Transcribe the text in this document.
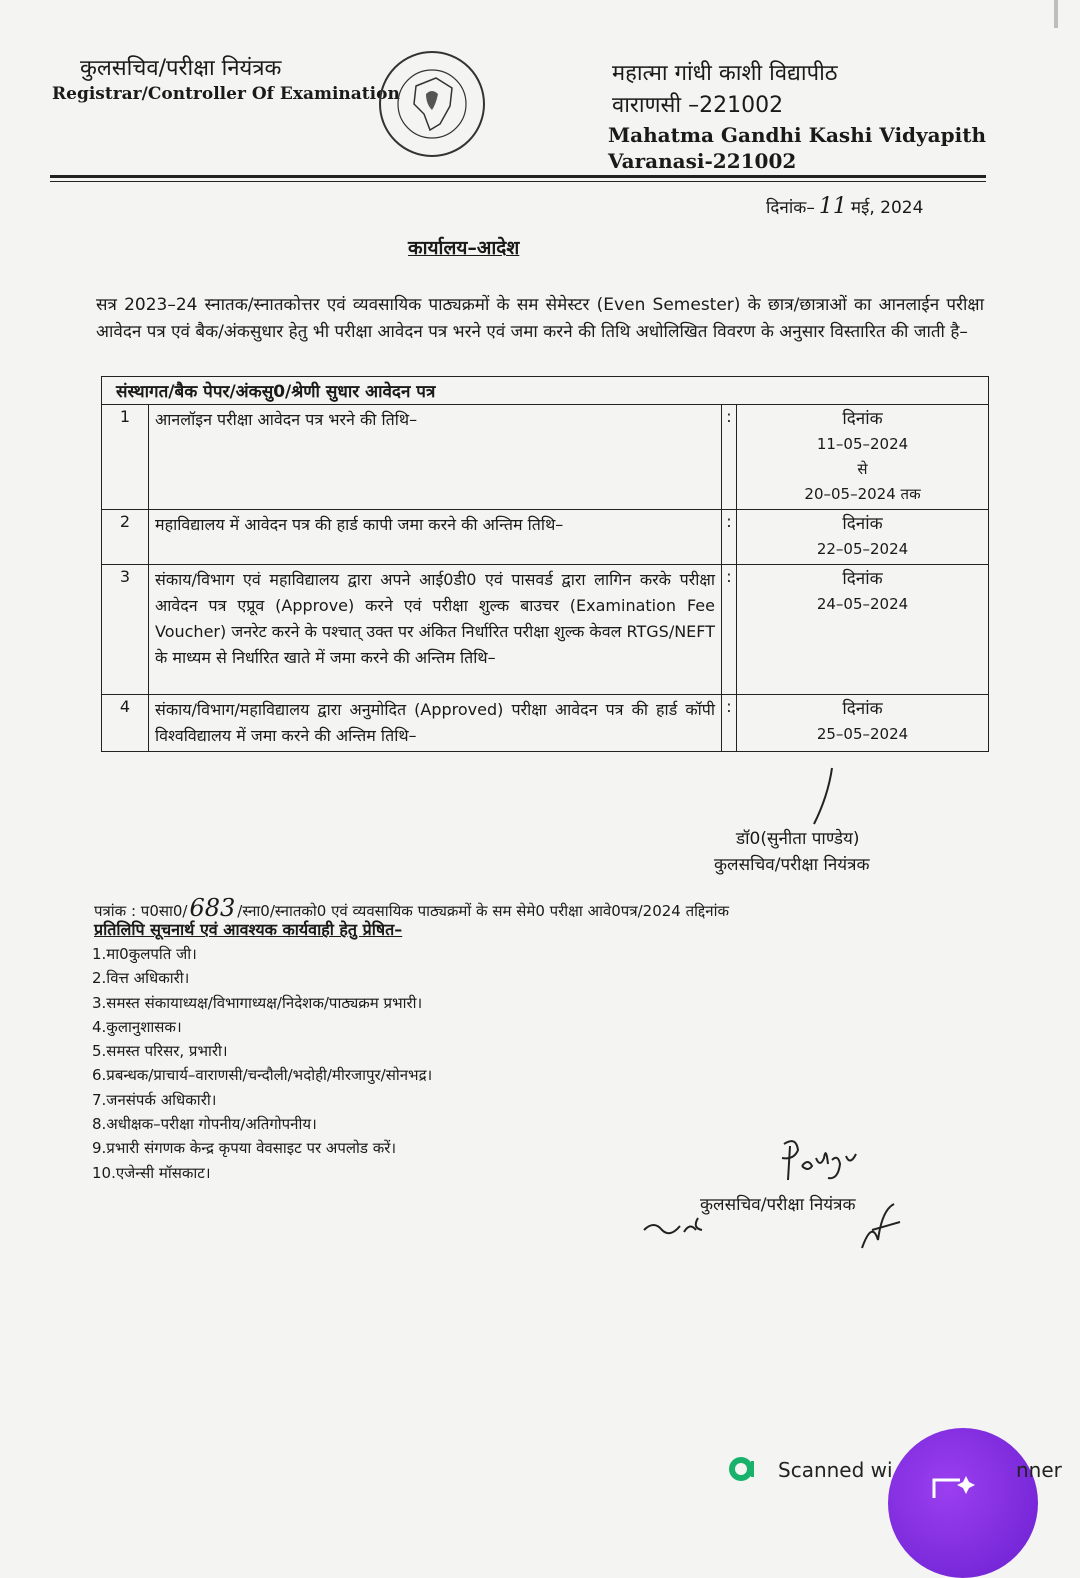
कुलसचिव/परीक्षा नियंत्रक
Registrar/Controller Of Examination
महात्मा गांधी काशी विद्यापीठ
वाराणसी –221002
Mahatma Gandhi Kashi Vidyapith
Varanasi-221002
दिनांक– 11 मई, 2024
कार्यालय–आदेश
सत्र 2023–24 स्नातक/स्नातकोत्तर एवं व्यवसायिक पाठ्यक्रमों के सम सेमेस्टर (Even Semester) के छात्र/छात्राओं का आनलाईन परीक्षा आवेदन पत्र एवं बैक/अंकसुधार हेतु भी परीक्षा आवेदन पत्र भरने एवं जमा करने की तिथि अधोलिखित विवरण के अनुसार विस्तारित की जाती है–
संस्थागत/बैक पेपर/अंकसु0/श्रेणी सुधार आवेदन पत्र			
1	आनलॉइन परीक्षा आवेदन पत्र भरने की तिथि–	:	दिनांक
11–05–2024
से
20–05–2024 तक

2	महाविद्यालय में आवेदन पत्र की हार्ड कापी जमा करने की अन्तिम तिथि–	:	दिनांक
22–05–2024

3	संकाय/विभाग एवं महाविद्यालय द्वारा अपने आई0डी0 एवं पासवर्ड द्वारा लागिन करके परीक्षा आवेदन पत्र एप्रूव (Approve) करने एवं परीक्षा शुल्क बाउचर (Examination Fee Voucher) जनरेट करने के पश्चात् उक्त पर अंकित निर्धारित परीक्षा शुल्क केवल RTGS/NEFT के माध्यम से निर्धारित खाते में जमा करने की अन्तिम तिथि–	:	दिनांक
24–05–2024

4	संकाय/विभाग/महाविद्यालय द्वारा अनुमोदित (Approved) परीक्षा आवेदन पत्र की हार्ड कॉपी विश्वविद्यालय में जमा करने की अन्तिम तिथि–	:	दिनांक
25–05–2024
डॉ0(सुनीता पाण्डेय)
कुलसचिव/परीक्षा नियंत्रक
पत्रांक : प0सा0/683 /स्ना0/स्नातको0 एवं व्यवसायिक पाठ्यक्रमों के सम सेमे0 परीक्षा आवे0पत्र/2024 तद्दिनांक
प्रतिलिपि सूचनार्थ एवं आवश्यक कार्यवाही हेतु प्रेषित–
1.मा0कुलपति जी।
2.वित्त अधिकारी।
3.समस्त संकायाध्यक्ष/विभागाध्यक्ष/निदेशक/पाठ्यक्रम प्रभारी।
4.कुलानुशासक।
5.समस्त परिसर, प्रभारी।
6.प्रबन्धक/प्राचार्य–वाराणसी/चन्दौली/भदोही/मीरजापुर/सोनभद्र।
7.जनसंपर्क अधिकारी।
8.अधीक्षक–परीक्षा गोपनीय/अतिगोपनीय।
9.प्रभारी संगणक केन्द्र कृपया वेवसाइट पर अपलोड करें।
10.एजेन्सी मॉसकाट।
कुलसचिव/परीक्षा नियंत्रक
Scanned wi	nner
